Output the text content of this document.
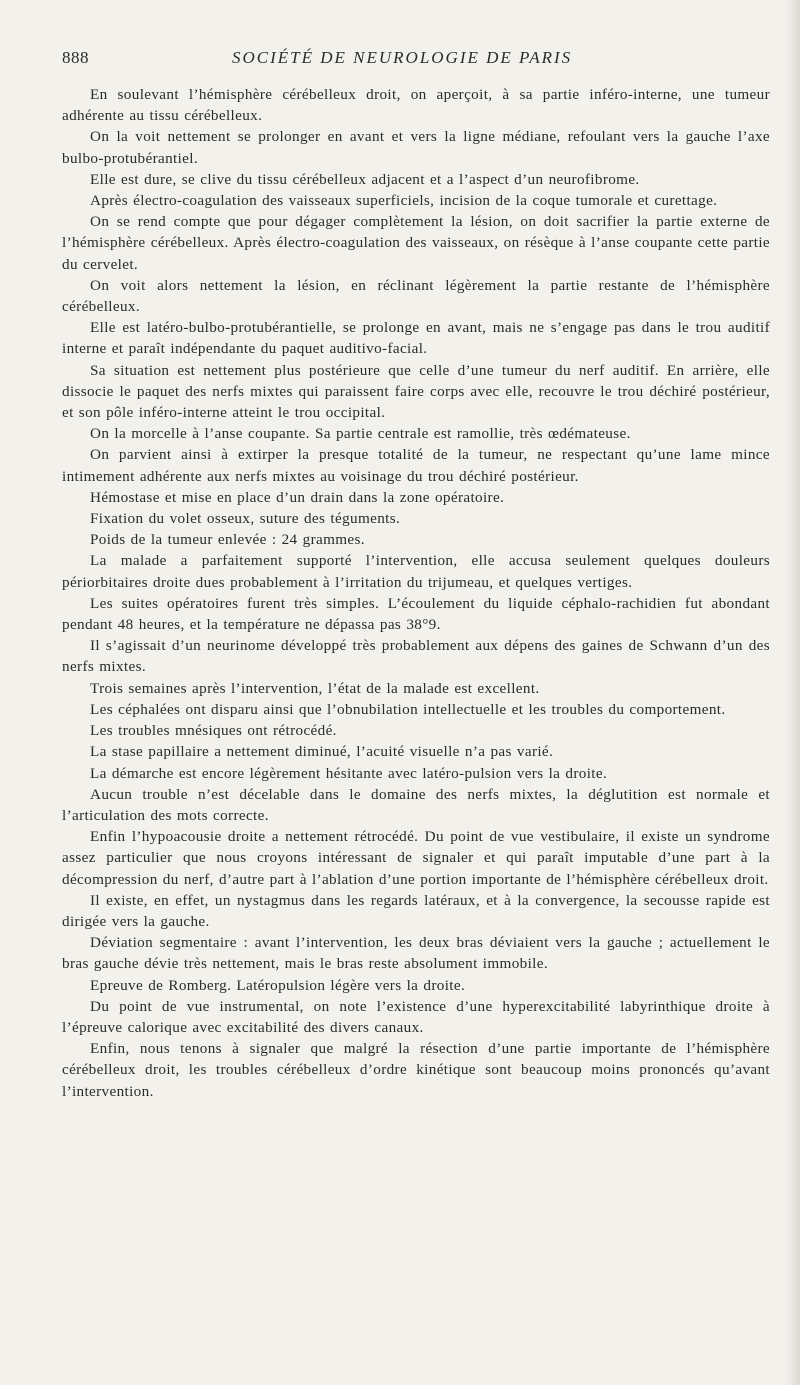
888	SOCIÉTÉ DE NEUROLOGIE DE PARIS

En soulevant l’hémisphère cérébelleux droit, on aperçoit, à sa partie inféro-interne, une tumeur adhérente au tissu cérébelleux.

On la voit nettement se prolonger en avant et vers la ligne médiane, refoulant vers la gauche l’axe bulbo-protubérantiel.

Elle est dure, se clive du tissu cérébelleux adjacent et a l’aspect d’un neurofibrome.

Après électro-coagulation des vaisseaux superficiels, incision de la coque tumorale et curettage.

On se rend compte que pour dégager complètement la lésion, on doit sacrifier la partie externe de l’hémisphère cérébelleux. Après électro-coagulation des vaisseaux, on résèque à l’anse coupante cette partie du cervelet.

On voit alors nettement la lésion, en réclinant légèrement la partie restante de l’hémisphère cérébelleux.

Elle est latéro-bulbo-protubérantielle, se prolonge en avant, mais ne s’engage pas dans le trou auditif interne et paraît indépendante du paquet auditivo-facial.

Sa situation est nettement plus postérieure que celle d’une tumeur du nerf auditif. En arrière, elle dissocie le paquet des nerfs mixtes qui paraissent faire corps avec elle, recouvre le trou déchiré postérieur, et son pôle inféro-interne atteint le trou occipital.

On la morcelle à l’anse coupante. Sa partie centrale est ramollie, très œdémateuse.

On parvient ainsi à extirper la presque totalité de la tumeur, ne respectant qu’une lame mince intimement adhérente aux nerfs mixtes au voisinage du trou déchiré postérieur.

Hémostase et mise en place d’un drain dans la zone opératoire.

Fixation du volet osseux, suture des téguments.

Poids de la tumeur enlevée : 24 grammes.

La malade a parfaitement supporté l’intervention, elle accusa seulement quelques douleurs périorbitaires droite dues probablement à l’irritation du trijumeau, et quelques vertiges.

Les suites opératoires furent très simples. L’écoulement du liquide céphalo-rachidien fut abondant pendant 48 heures, et la température ne dépassa pas 38°9.

Il s’agissait d’un neurinome développé très probablement aux dépens des gaines de Schwann d’un des nerfs mixtes.

Trois semaines après l’intervention, l’état de la malade est excellent.

Les céphalées ont disparu ainsi que l’obnubilation intellectuelle et les troubles du comportement.

Les troubles mnésiques ont rétrocédé.

La stase papillaire a nettement diminué, l’acuité visuelle n’a pas varié.

La démarche est encore légèrement hésitante avec latéro-pulsion vers la droite.

Aucun trouble n’est décelable dans le domaine des nerfs mixtes, la déglutition est normale et l’articulation des mots correcte.

Enfin l’hypoacousie droite a nettement rétrocédé. Du point de vue vestibulaire, il existe un syndrome assez particulier que nous croyons intéressant de signaler et qui paraît imputable d’une part à la décompression du nerf, d’autre part à l’ablation d’une portion importante de l’hémisphère cérébelleux droit.

Il existe, en effet, un nystagmus dans les regards latéraux, et à la convergence, la secousse rapide est dirigée vers la gauche.

Déviation segmentaire : avant l’intervention, les deux bras déviaient vers la gauche ; actuellement le bras gauche dévie très nettement, mais le bras reste absolument immobile.

Epreuve de Romberg. Latéropulsion légère vers la droite.

Du point de vue instrumental, on note l’existence d’une hyperexcitabilité labyrinthique droite à l’épreuve calorique avec excitabilité des divers canaux.

Enfin, nous tenons à signaler que malgré la résection d’une partie importante de l’hémisphère cérébelleux droit, les troubles cérébelleux d’ordre kinétique sont beaucoup moins prononcés qu’avant l’intervention.
